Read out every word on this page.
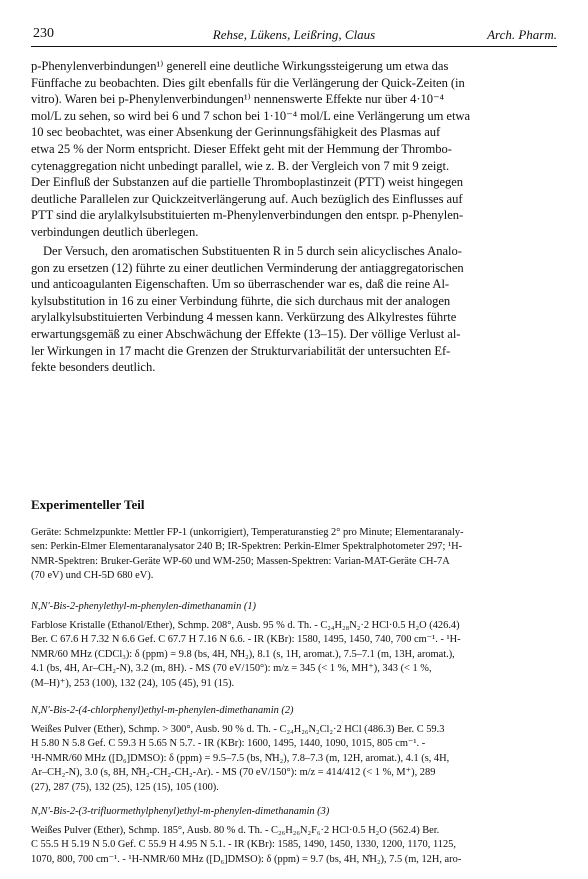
230	Rehse, Lükens, Leißring, Claus	Arch. Pharm.
p-Phenylenverbindungen¹⁾ generell eine deutliche Wirkungssteigerung um etwa das
Fünffache zu beobachten. Dies gilt ebenfalls für die Verlängerung der Quick-Zeiten (in
vitro). Waren bei p-Phenylenverbindungen¹⁾ nennenswerte Effekte nur über 4·10⁻⁴
mol/L zu sehen, so wird bei 6 und 7 schon bei 1·10⁻⁴ mol/L eine Verlängerung um etwa
10 sec beobachtet, was einer Absenkung der Gerinnungsfähigkeit des Plasmas auf
etwa 25 % der Norm entspricht. Dieser Effekt geht mit der Hemmung der Thrombo-
cytenaggregation nicht unbedingt parallel, wie z. B. der Vergleich von 7 mit 9 zeigt.
Der Einfluß der Substanzen auf die partielle Thromboplastinzeit (PTT) weist hingegen
deutliche Parallelen zur Quickzeitverlängerung auf. Auch bezüglich des Einflusses auf
PTT sind die arylalkylsubstituierten m-Phenylenverbindungen den entspr. p-Phenylen-
verbindungen deutlich überlegen.
Der Versuch, den aromatischen Substituenten R in 5 durch sein alicyclisches Analo-
gon zu ersetzen (12) führte zu einer deutlichen Verminderung der antiaggregatorischen
und anticoagulanten Eigenschaften. Um so überraschender war es, daß die reine Al-
kylsubstitution in 16 zu einer Verbindung führte, die sich durchaus mit der analogen
arylalkylsubstituierten Verbindung 4 messen kann. Verkürzung des Alkylrestes führte
erwartungsgemäß zu einer Abschwächung der Effekte (13–15). Der völlige Verlust al-
ler Wirkungen in 17 macht die Grenzen der Strukturvariabilität der untersuchten Ef-
fekte besonders deutlich.
Experimenteller Teil
Geräte: Schmelzpunkte: Mettler FP-1 (unkorrigiert), Temperaturanstieg 2° pro Minute; Elementaranaly-
sen: Perkin-Elmer Elementaranalysator 240 B; IR-Spektren: Perkin-Elmer Spektralphotometer 297; ¹H-
NMR-Spektren: Bruker-Geräte WP-60 und WM-250; Massen-Spektren: Varian-MAT-Geräte CH-7A
(70 eV) und CH-5D 680 eV).
N,N'-Bis-2-phenylethyl-m-phenylen-dimethanamin (1)
Farblose Kristalle (Ethanol/Ether), Schmp. 208°, Ausb. 95 % d. Th. - C₂₄H₂₈N₂·2 HCl·0.5 H₂O (426.4)
Ber. C 67.6 H 7.32 N 6.6 Gef. C 67.7 H 7.16 N 6.6. - IR (KBr): 1580, 1495, 1450, 740, 700 cm⁻¹. - ¹H-
NMR/60 MHz (CDCl₃): δ (ppm) = 9.8 (bs, 4H, N̊H₂), 8.1 (s, 1H, aromat.), 7.5–7.1 (m, 13H, aromat.),
4.1 (bs, 4H, Ar–CH₂-N), 3.2 (m, 8H). - MS (70 eV/150°): m/z = 345 (< 1 %, MH⁺), 343 (< 1 %,
(M–H)⁺), 253 (100), 132 (24), 105 (45), 91 (15).
N,N'-Bis-2-(4-chlorphenyl)ethyl-m-phenylen-dimethanamin (2)
Weißes Pulver (Ether), Schmp. > 300°, Ausb. 90 % d. Th. - C₂₄H₂₆N₂Cl₂·2 HCl (486.3) Ber. C 59.3
H 5.80 N 5.8 Gef. C 59.3 H 5.65 N 5.7. - IR (KBr): 1600, 1495, 1440, 1090, 1015, 805 cm⁻¹. -
¹H-NMR/60 MHz ([D₆]DMSO): δ (ppm) = 9.5–7.5 (bs, N̊H₂), 7.8–7.3 (m, 12H, aromat.), 4.1 (s, 4H,
Ar–CH₂-N), 3.0 (s, 8H, N̊H₂-CH₂-CH₂-Ar). - MS (70 eV/150°): m/z = 414/412 (< 1 %, M⁺), 289
(27), 287 (75), 132 (25), 125 (15), 105 (100).
N,N'-Bis-2-(3-trifluormethylphenyl)ethyl-m-phenylen-dimethanamin (3)
Weißes Pulver (Ether), Schmp. 185°, Ausb. 80 % d. Th. - C₂₆H₂₆N₂F₆·2 HCl·0.5 H₂O (562.4) Ber.
C 55.5 H 5.19 N 5.0 Gef. C 55.9 H 4.95 N 5.1. - IR (KBr): 1585, 1490, 1450, 1330, 1200, 1170, 1125,
1070, 800, 700 cm⁻¹. - ¹H-NMR/60 MHz ([D₆]DMSO): δ (ppm) = 9.7 (bs, 4H, N̊H₂), 7.5 (m, 12H, aro-
